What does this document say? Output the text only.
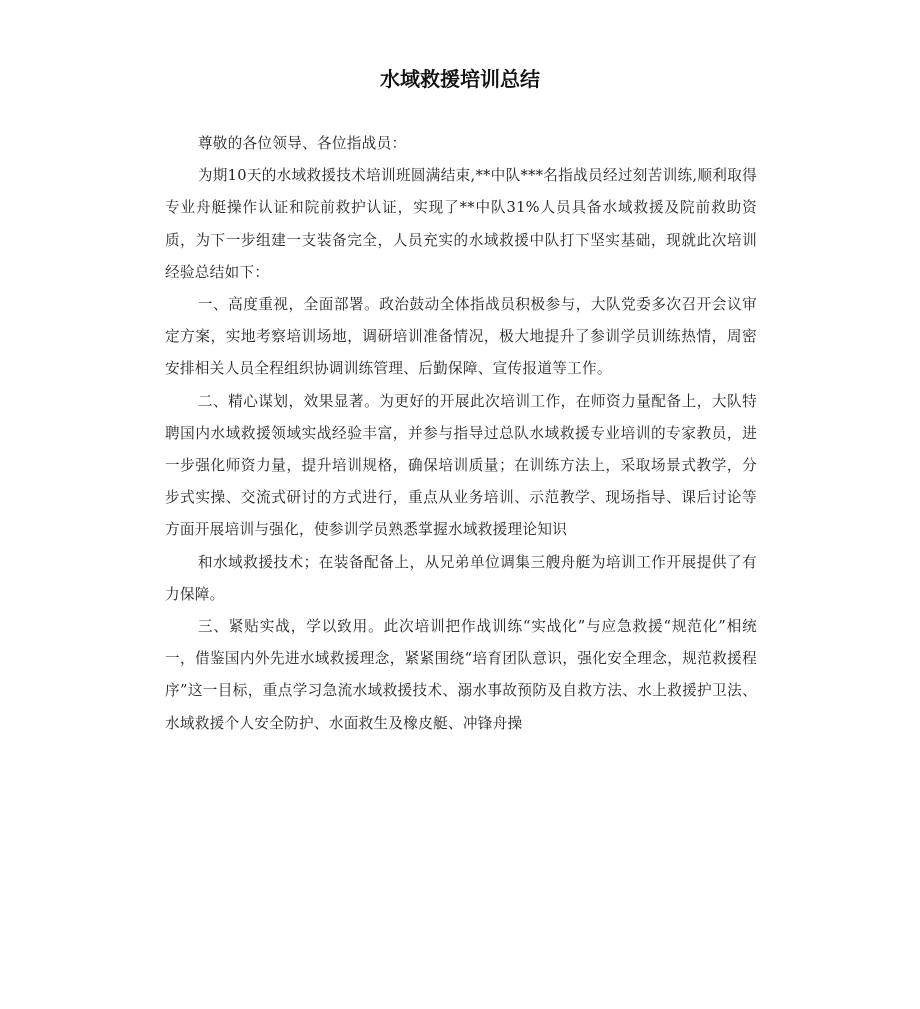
水域救援培训总结

尊敬的各位领导、各位指战员：

为期10天的水域救援技术培训班圆满结束,**中队***名指战员经过刻苦训练,顺利取得专业舟艇操作认证和院前救护认证，实现了**中队31%人员具备水域救援及院前救助资质，为下一步组建一支装备完全，人员充实的水域救援中队打下坚实基础，现就此次培训经验总结如下：

一、高度重视，全面部署。政治鼓动全体指战员积极参与，大队党委多次召开会议审定方案，实地考察培训场地，调研培训准备情况，极大地提升了参训学员训练热情，周密安排相关人员全程组织协调训练管理、后勤保障、宣传报道等工作。

二、精心谋划，效果显著。为更好的开展此次培训工作，在师资力量配备上，大队特聘国内水域救援领域实战经验丰富，并参与指导过总队水域救援专业培训的专家教员，进一步强化师资力量，提升培训规格，确保培训质量；在训练方法上，采取场景式教学，分步式实操、交流式研讨的方式进行，重点从业务培训、示范教学、现场指导、课后讨论等方面开展培训与强化，使参训学员熟悉掌握水域救援理论知识

和水域救援技术；在装备配备上，从兄弟单位调集三艘舟艇为培训工作开展提供了有力保障。

三、紧贴实战，学以致用。此次培训把作战训练“实战化”与应急救援“规范化”相统一，借鉴国内外先进水域救援理念，紧紧围绕“培育团队意识，强化安全理念，规范救援程序”这一目标，重点学习急流水域救援技术、溺水事故预防及自救方法、水上救援护卫法、水域救援个人安全防护、水面救生及橡皮艇、冲锋舟操
